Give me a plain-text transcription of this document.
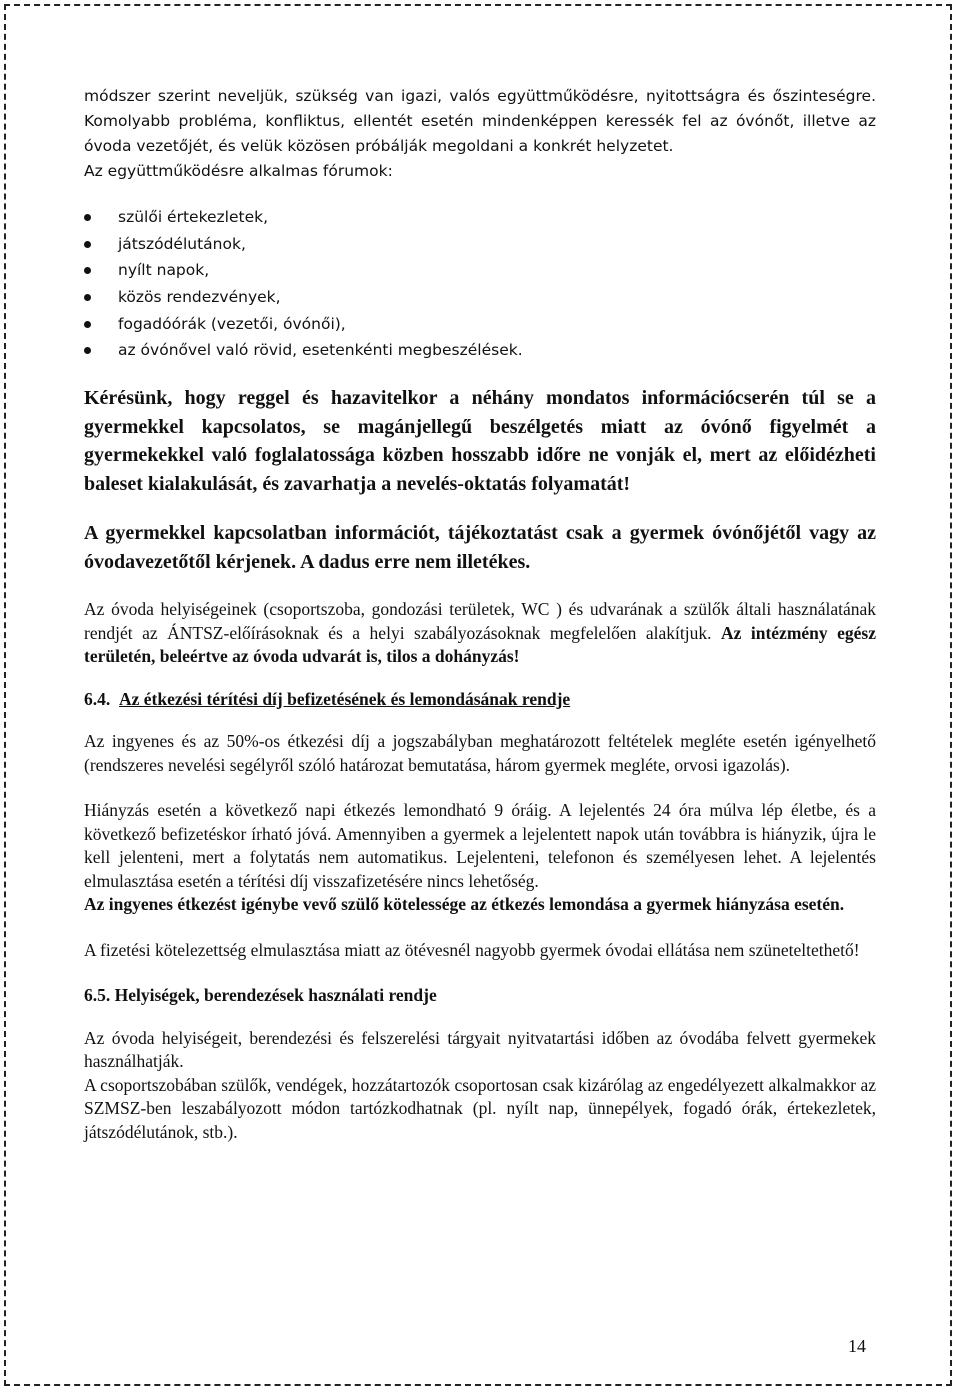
módszer szerint neveljük, szükség van igazi, valós együttműködésre, nyitottságra és őszinteségre. Komolyabb probléma, konfliktus, ellentét esetén mindenképpen keressék fel az óvónőt, illetve az óvoda vezetőjét, és velük közösen próbálják megoldani a konkrét helyzetet.

Az együttműködésre alkalmas fórumok:

szülői értekezletek,
játszódélutánok,
nyílt napok,
közös rendezvények,
fogadóórák (vezetői, óvónői),
az óvónővel való rövid, esetenkénti megbeszélések.

Kérésünk, hogy reggel és hazavitelkor a néhány mondatos információcserén túl se a gyermekkel kapcsolatos, se magánjellegű beszélgetés miatt az óvónő figyelmét a gyermekekkel való foglalatossága közben hosszabb időre ne vonják el, mert az előidézheti baleset kialakulását, és zavarhatja a nevelés-oktatás folyamatát!

A gyermekkel kapcsolatban információt, tájékoztatást csak a gyermek óvónőjétől vagy az óvodavezetőtől kérjenek. A dadus erre nem illetékes.

Az óvoda helyiségeinek (csoportszoba, gondozási területek, WC ) és udvarának a szülők általi használatának rendjét az ÁNTSZ-előírásoknak és a helyi szabályozásoknak megfelelően alakítjuk. Az intézmény egész területén, beleértve az óvoda udvarát is, tilos a dohányzás!

6.4. Az étkezési térítési díj befizetésének és lemondásának rendje

Az ingyenes és az 50%-os étkezési díj a jogszabályban meghatározott feltételek megléte esetén igényelhető (rendszeres nevelési segélyről szóló határozat bemutatása, három gyermek megléte, orvosi igazolás).

Hiányzás esetén a következő napi étkezés lemondható 9 óráig. A lejelentés 24 óra múlva lép életbe, és a következő befizetéskor írható jóvá. Amennyiben a gyermek a lejelentett napok után továbbra is hiányzik, újra le kell jelenteni, mert a folytatás nem automatikus. Lejelenteni, telefonon és személyesen lehet. A lejelentés elmulasztása esetén a térítési díj visszafizetésére nincs lehetőség.

Az ingyenes étkezést igénybe vevő szülő kötelessége az étkezés lemondása a gyermek hiányzása esetén.

A fizetési kötelezettség elmulasztása miatt az ötévesnél nagyobb gyermek óvodai ellátása nem szüneteltethető!

6.5. Helyiségek, berendezések használati rendje

Az óvoda helyiségeit, berendezési és felszerelési tárgyait nyitvatartási időben az óvodába felvett gyermekek használhatják.

A csoportszobában szülők, vendégek, hozzátartozók csoportosan csak kizárólag az engedélyezett alkalmakkor az SZMSZ-ben leszabályozott módon tartózkodhatnak (pl. nyílt nap, ünnepélyek, fogadó órák, értekezletek, játszódélutánok, stb.).

14
